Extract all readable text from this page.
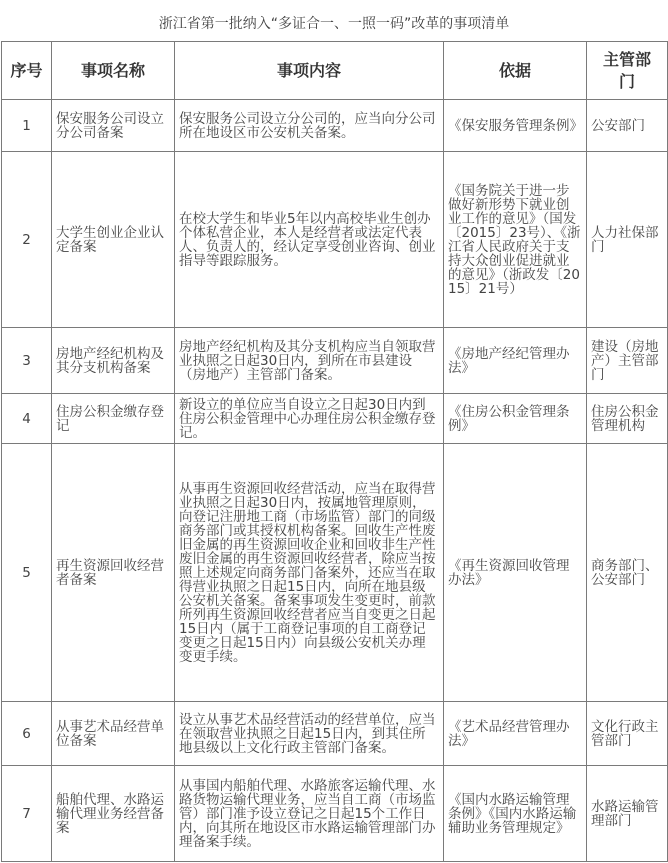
浙江省第一批纳入“多证合一、一照一码”改革的事项清单
序号	事项名称	事项内容	依据	主管部门
1	保安服务公司设立分公司备案	保安服务公司设立分公司的，应当向分公司所在地设区市公安机关备案。	《保安服务管理条例》	公安部门
2	大学生创业企业认定备案	在校大学生和毕业5年以内高校毕业生创办个体私营企业，本人是经营者或法定代表人、负责人的，经认定享受创业咨询、创业指导等跟踪服务。	《国务院关于进一步做好新形势下就业创业工作的意见》（国发〔2015〕23号）、《浙江省人民政府关于支持大众创业促进就业的意见》（浙政发〔2015〕21号）	人力社保部门
3	房地产经纪机构及其分支机构备案	房地产经纪机构及其分支机构应当自领取营业执照之日起30日内，到所在市县建设（房地产）主管部门备案。	《房地产经纪管理办法》	建设（房地产）主管部门
4	住房公积金缴存登记	新设立的单位应当自设立之日起30日内到住房公积金管理中心办理住房公积金缴存登记。	《住房公积金管理条例》	住房公积金管理机构
5	再生资源回收经营者备案	从事再生资源回收经营活动，应当在取得营业执照之日起30日内，按属地管理原则，向登记注册地工商（市场监管）部门的同级商务部门或其授权机构备案。回收生产性废旧金属的再生资源回收企业和回收非生产性废旧金属的再生资源回收经营者，除应当按照上述规定向商务部门备案外，还应当在取得营业执照之日起15日内，向所在地县级公安机关备案。备案事项发生变更时，前款所列再生资源回收经营者应当自变更之日起15日内（属于工商登记事项的自工商登记变更之日起15日内）向县级公安机关办理变更手续。	《再生资源回收管理办法》	商务部门、公安部门
6	从事艺术品经营单位备案	设立从事艺术品经营活动的经营单位，应当在领取营业执照之日起15日内，到其住所地县级以上文化行政主管部门备案。	《艺术品经营管理办法》	文化行政主管部门
7	船舶代理、水路运输代理业务经营备案	从事国内船舶代理、水路旅客运输代理、水路货物运输代理业务，应当自工商（市场监管）部门准予设立登记之日起15个工作日内，向其所在地设区市水路运输管理部门办理备案手续。	《国内水路运输管理条例》《国内水路运输辅助业务管理规定》	水路运输管理部门
